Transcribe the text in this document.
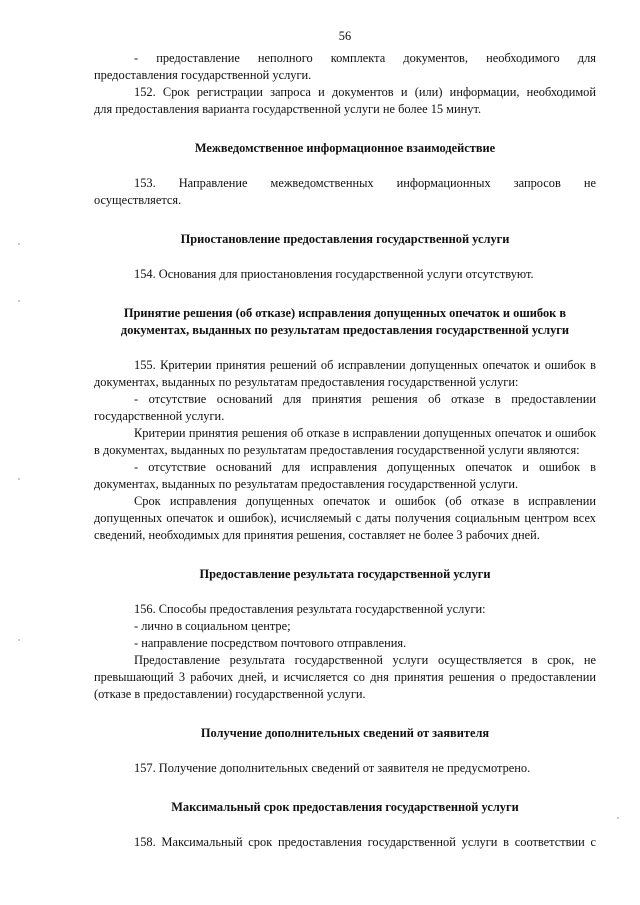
56

- предоставление неполного комплекта документов, необходимого для

предоставления государственной услуги.

152. Срок регистрации запроса и документов и (или) информации, необходимой

для предоставления варианта государственной услуги не более 15 минут.

Межведомственное информационное взаимодействие

153. Направление межведомственных информационных запросов не

осуществляется.

Приостановление предоставления государственной услуги

154. Основания для приостановления государственной услуги отсутствуют.

Принятие решения (об отказе) исправления допущенных опечаток и ошибок в

документах, выданных по результатам предоставления государственной услуги

155. Критерии принятия решений об исправлении допущенных опечаток и ошибок в документах, выданных по результатам предоставления государственной услуги:

- отсутствие оснований для принятия решения об отказе в предоставлении государственной услуги.

Критерии принятия решения об отказе в исправлении допущенных опечаток и ошибок в документах, выданных по результатам предоставления государственной услуги являются:

- отсутствие оснований для исправления допущенных опечаток и ошибок в документах, выданных по результатам предоставления государственной услуги.

Срок исправления допущенных опечаток и ошибок (об отказе в исправлении допущенных опечаток и ошибок), исчисляемый с даты получения социальным центром всех сведений, необходимых для принятия решения, составляет не более 3 рабочих дней.

Предоставление результата государственной услуги

156. Способы предоставления результата государственной услуги:

- лично в социальном центре;

- направление посредством почтового отправления.

Предоставление результата государственной услуги осуществляется в срок, не превышающий 3 рабочих дней, и исчисляется со дня принятия решения о предоставлении (отказе в предоставлении) государственной услуги.

Получение дополнительных сведений от заявителя

157. Получение дополнительных сведений от заявителя не предусмотрено.

Максимальный срок предоставления государственной услуги

158. Максимальный срок предоставления государственной услуги в соответствии с
